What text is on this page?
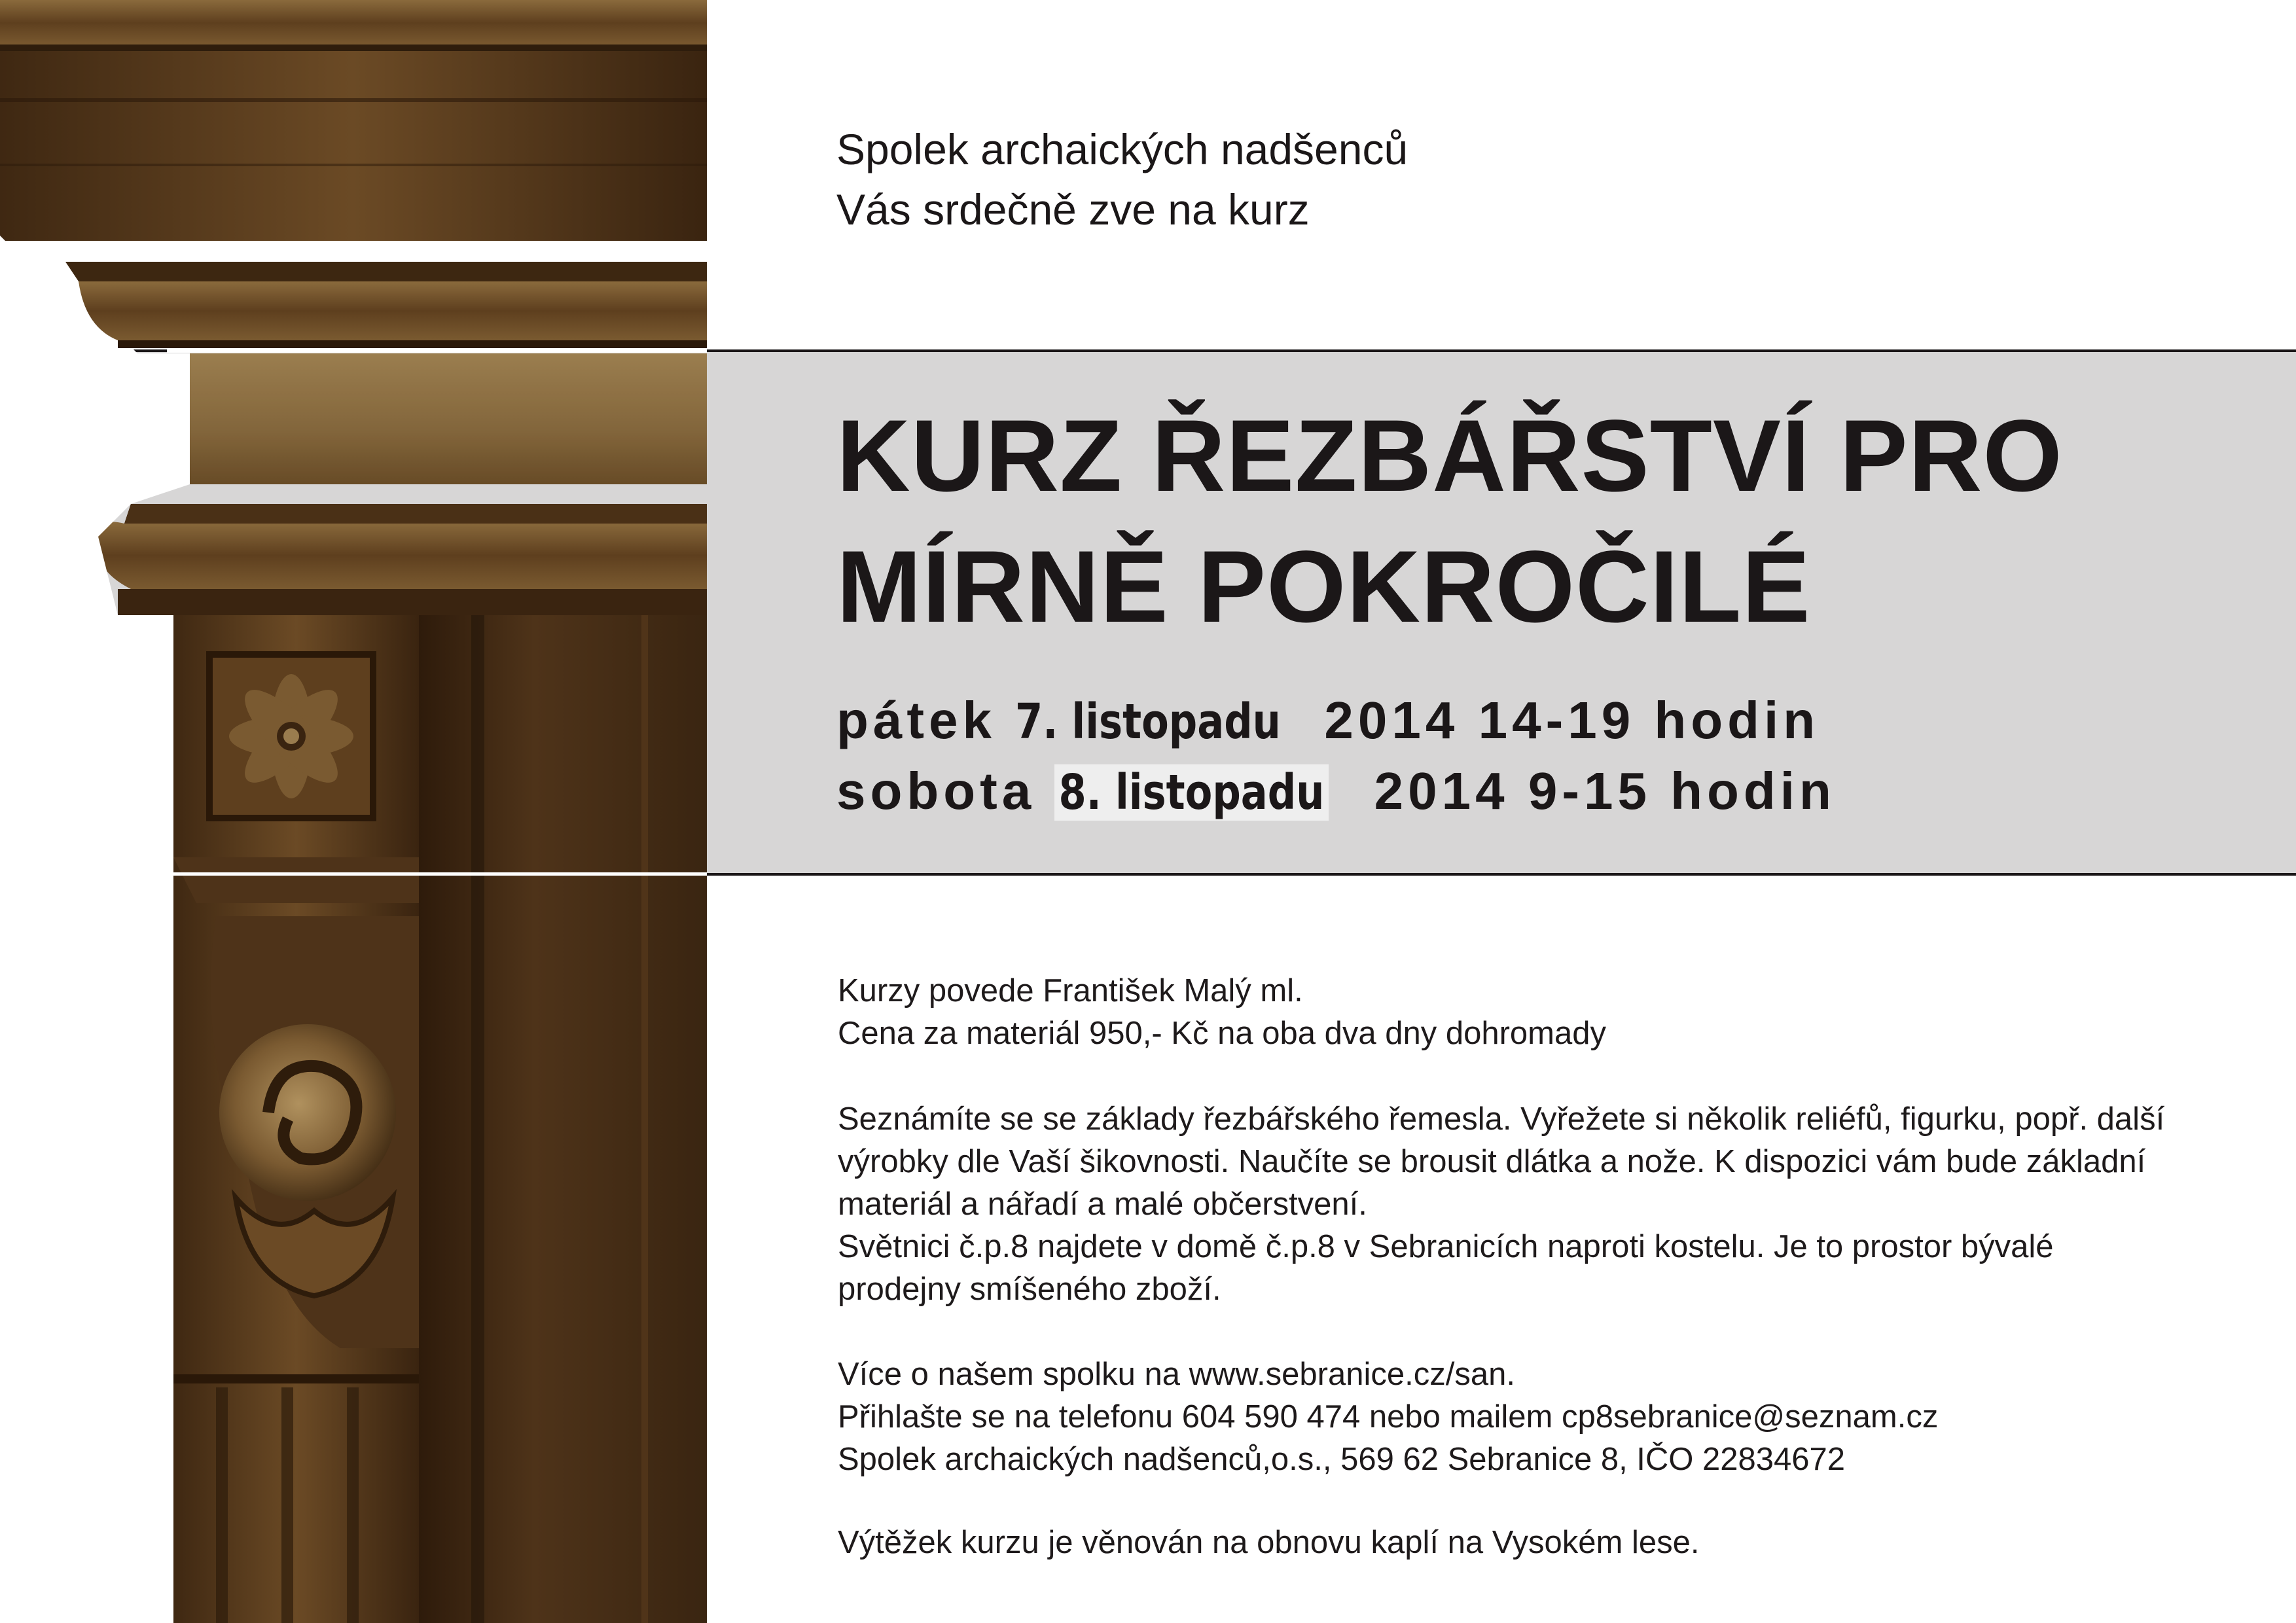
Spolek archaických nadšenců
Vás srdečně zve na kurz
KURZ ŘEZBÁŘSTVÍ PRO
MÍRNĚ POKROČILÉ
pátek 7. listopadu 2014 14-19 hodin
sobota 8. listopadu 2014 9-15 hodin
Kurzy povede František Malý ml.
Cena za materiál 950,- Kč na oba dva dny dohromady
Seznámíte se se základy řezbářského řemesla. Vyřežete si několik reliéfů, figurku, popř. další
výrobky dle Vaší šikovnosti. Naučíte se brousit dlátka a nože. K dispozici vám bude základní
materiál a nářadí a malé občerstvení.
Světnici č.p.8 najdete v domě č.p.8 v Sebranicích naproti kostelu. Je to prostor bývalé
prodejny smíšeného zboží.
Více o našem spolku na www.sebranice.cz/san.
Přihlašte se na telefonu 604 590 474 nebo mailem cp8sebranice@seznam.cz
Spolek archaických nadšenců,o.s., 569 62 Sebranice 8, IČO 22834672
Výtěžek kurzu je věnován na obnovu kaplí na Vysokém lese.
